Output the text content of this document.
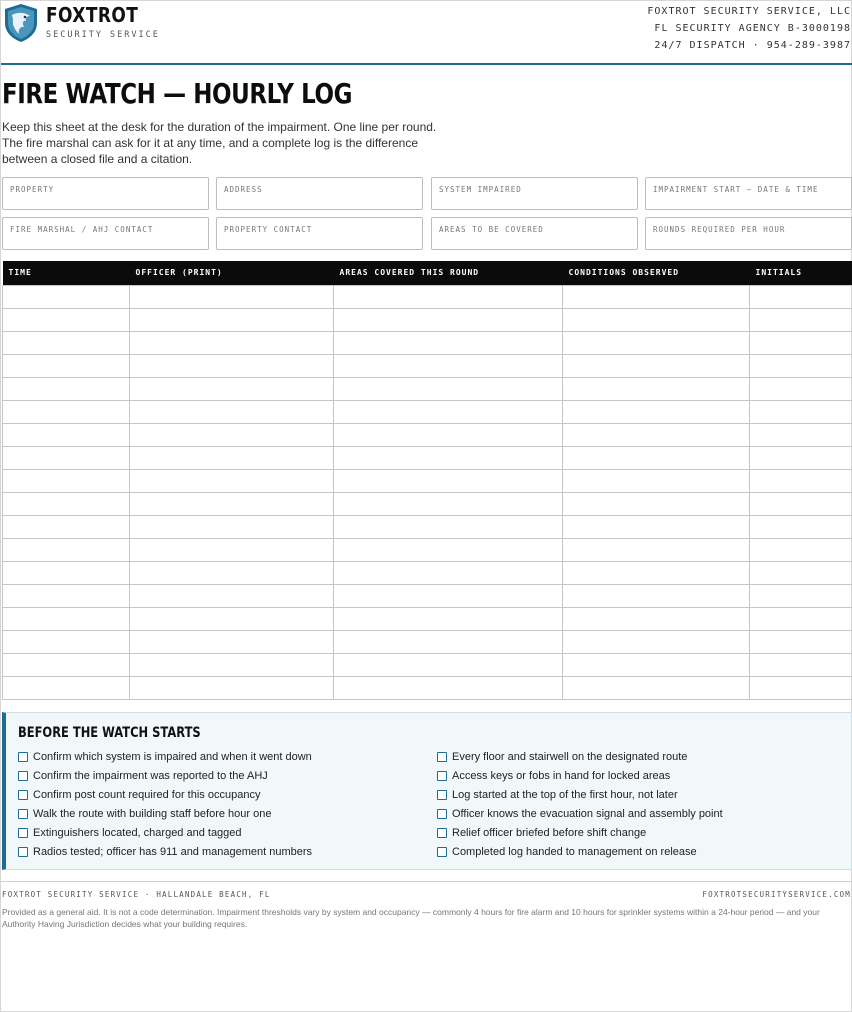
FOXTROT
SECURITY SERVICE
FOXTROT SECURITY SERVICE, LLC
FL SECURITY AGENCY B-3000198
24/7 DISPATCH · 954-289-3987
FIRE WATCH — HOURLY LOG
Keep this sheet at the desk for the duration of the impairment. One line per round. The fire marshal can ask for it at any time, and a complete log is the difference between a closed file and a citation.
PROPERTY	ADDRESS	SYSTEM IMPAIRED	IMPAIRMENT START — DATE & TIME
FIRE MARSHAL / AHJ CONTACT	PROPERTY CONTACT	AREAS TO BE COVERED	ROUNDS REQUIRED PER HOUR
TIME	OFFICER (PRINT)	AREAS COVERED THIS ROUND	CONDITIONS OBSERVED	INITIALS

BEFORE THE WATCH STARTS
Confirm which system is impaired and when it went down
Confirm the impairment was reported to the AHJ
Confirm post count required for this occupancy
Walk the route with building staff before hour one
Extinguishers located, charged and tagged
Radios tested; officer has 911 and management numbers
Every floor and stairwell on the designated route
Access keys or fobs in hand for locked areas
Log started at the top of the first hour, not later
Officer knows the evacuation signal and assembly point
Relief officer briefed before shift change
Completed log handed to management on release
FOXTROT SECURITY SERVICE · HALLANDALE BEACH, FL	FOXTROTSECURITYSERVICE.COM
Provided as a general aid. It is not a code determination. Impairment thresholds vary by system and occupancy — commonly 4 hours for fire alarm and 10 hours for sprinkler systems within a 24-hour period — and your Authority Having Jurisdiction decides what your building requires.
